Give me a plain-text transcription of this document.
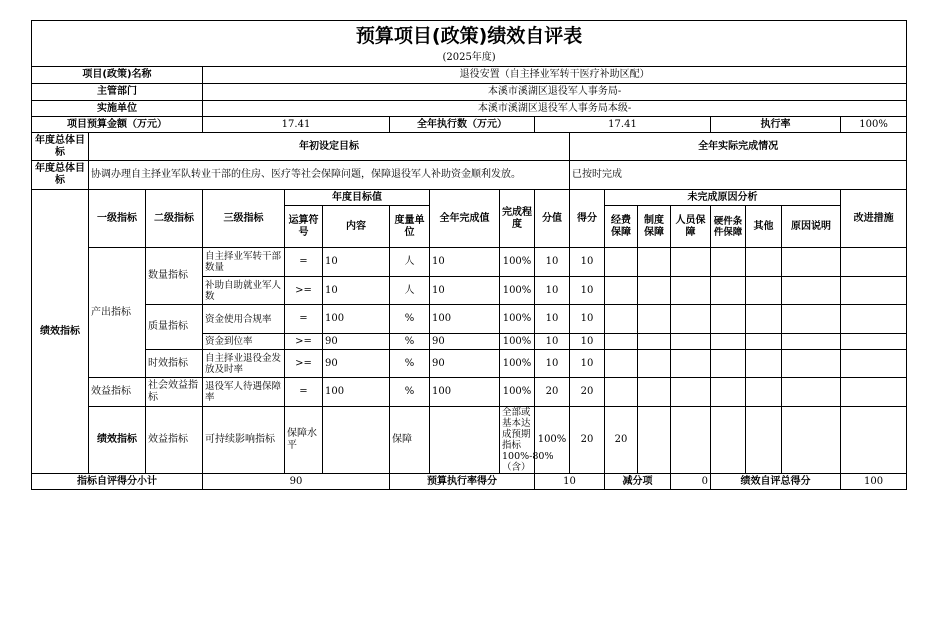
预算项目(政策)绩效自评表																		
(2025年度)																		
项目(政策)名称			退役安置（自主择业军转干医疗补助区配）															
主管部门			本溪市溪湖区退役军人事务局-															
实施单位			本溪市溪湖区退役军人事务局本级-															
项目预算金额（万元）			17.41			全年执行数（万元）			17.41					执行率			100%	
年度总体目标	年初设定目标									全年实际完成情况								
年度总体目标	协调办理自主择业军队转业干部的住房、医疗等社会保障问题，保障退役军人补助资金顺利发放。									已按时完成								
绩效指标	一级指标	二级指标	三级指标	年度目标值			全年完成值	完成程度	分值	得分	未完成原因分析						改进措施	
				运算符号	内容	度量单位					经费保障	制度保障	人员保障	硬件条件保障	其他	原因说明		
	产出指标	数量指标	自主择业军转干部数量	=	10	人	10	100%	10	10								
			补助自助就业军人数	>=	10	人	10	100%	10	10								
		质量指标	资金使用合规率	=	100	%	100	100%	10	10								
			资金到位率	>=	90	%	90	100%	10	10								
		时效指标	自主择业退役金发放及时率	>=	90	%	90	100%	10	10								
	效益指标	社会效益指标	退役军人待遇保障率	=	100	%	100	100%	20	20								
	绩效指标	效益指标	可持续影响指标	保障水平		保障		全部或基本达成预期指标100%-80%（含）	100%	20	20							
指标自评得分小计			90			预算执行率得分			10		减分项		0	绩效自评总得分			100	
